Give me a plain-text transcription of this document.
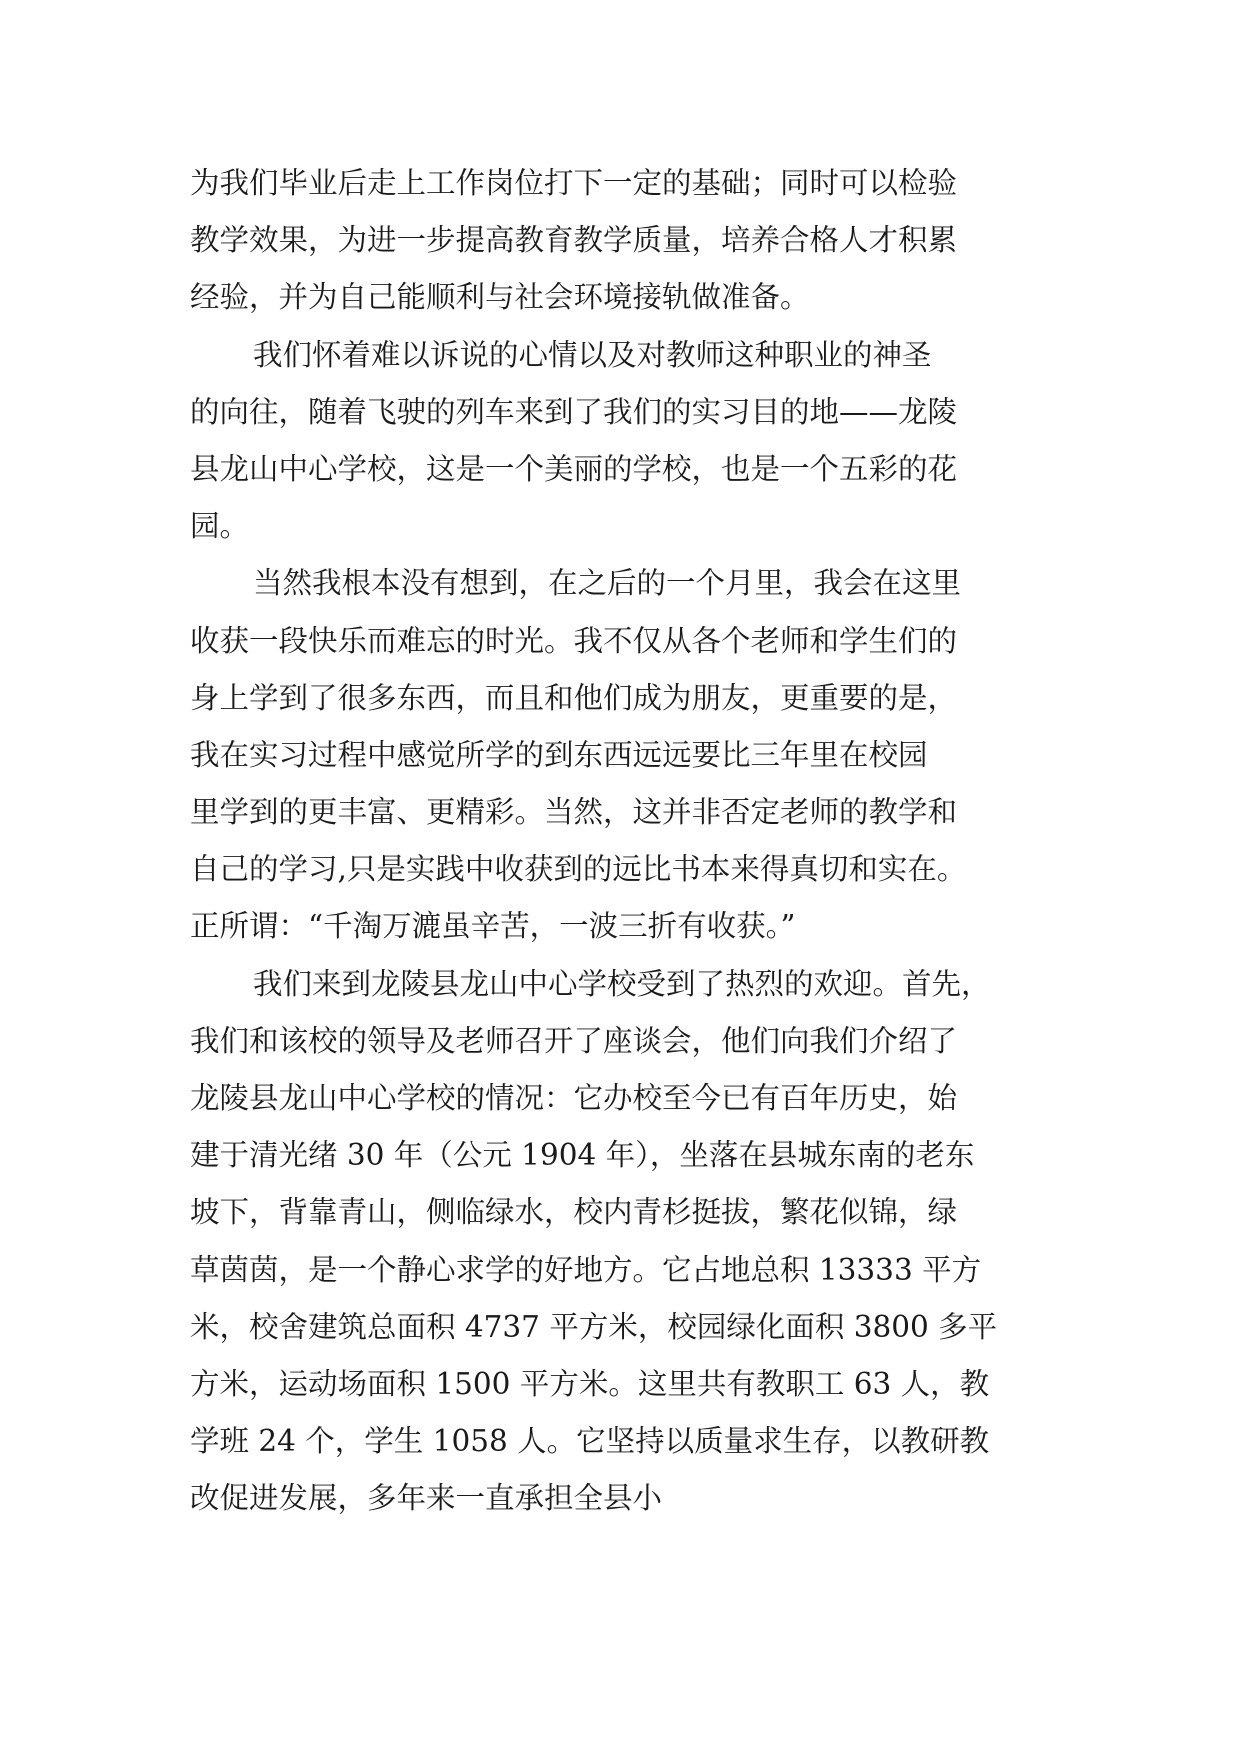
为我们毕业后走上工作岗位打下一定的基础；同时可以检验
教学效果，为进一步提高教育教学质量，培养合格人才积累
经验，并为自己能顺利与社会环境接轨做准备。
我们怀着难以诉说的心情以及对教师这种职业的神圣
的向往，随着飞驶的列车来到了我们的实习目的地——龙陵
县龙山中心学校，这是一个美丽的学校，也是一个五彩的花
园。
当然我根本没有想到，在之后的一个月里，我会在这里
收获一段快乐而难忘的时光。我不仅从各个老师和学生们的
身上学到了很多东西，而且和他们成为朋友，更重要的是，
我在实习过程中感觉所学的到东西远远要比三年里在校园
里学到的更丰富、更精彩。当然，这并非否定老师的教学和
自己的学习,只是实践中收获到的远比书本来得真切和实在。
正所谓：“千淘万漉虽辛苦，一波三折有收获。”
我们来到龙陵县龙山中心学校受到了热烈的欢迎。首先，
我们和该校的领导及老师召开了座谈会，他们向我们介绍了
龙陵县龙山中心学校的情况：它办校至今已有百年历史，始
建于清光绪 30 年（公元 1904 年），坐落在县城东南的老东
坡下，背靠青山，侧临绿水，校内青杉挺拔，繁花似锦，绿
草茵茵，是一个静心求学的好地方。它占地总积 13333 平方
米，校舍建筑总面积 4737 平方米，校园绿化面积 3800 多平
方米，运动场面积 1500 平方米。这里共有教职工 63 人，教
学班 24 个，学生 1058 人。它坚持以质量求生存，以教研教
改促进发展，多年来一直承担全县小
